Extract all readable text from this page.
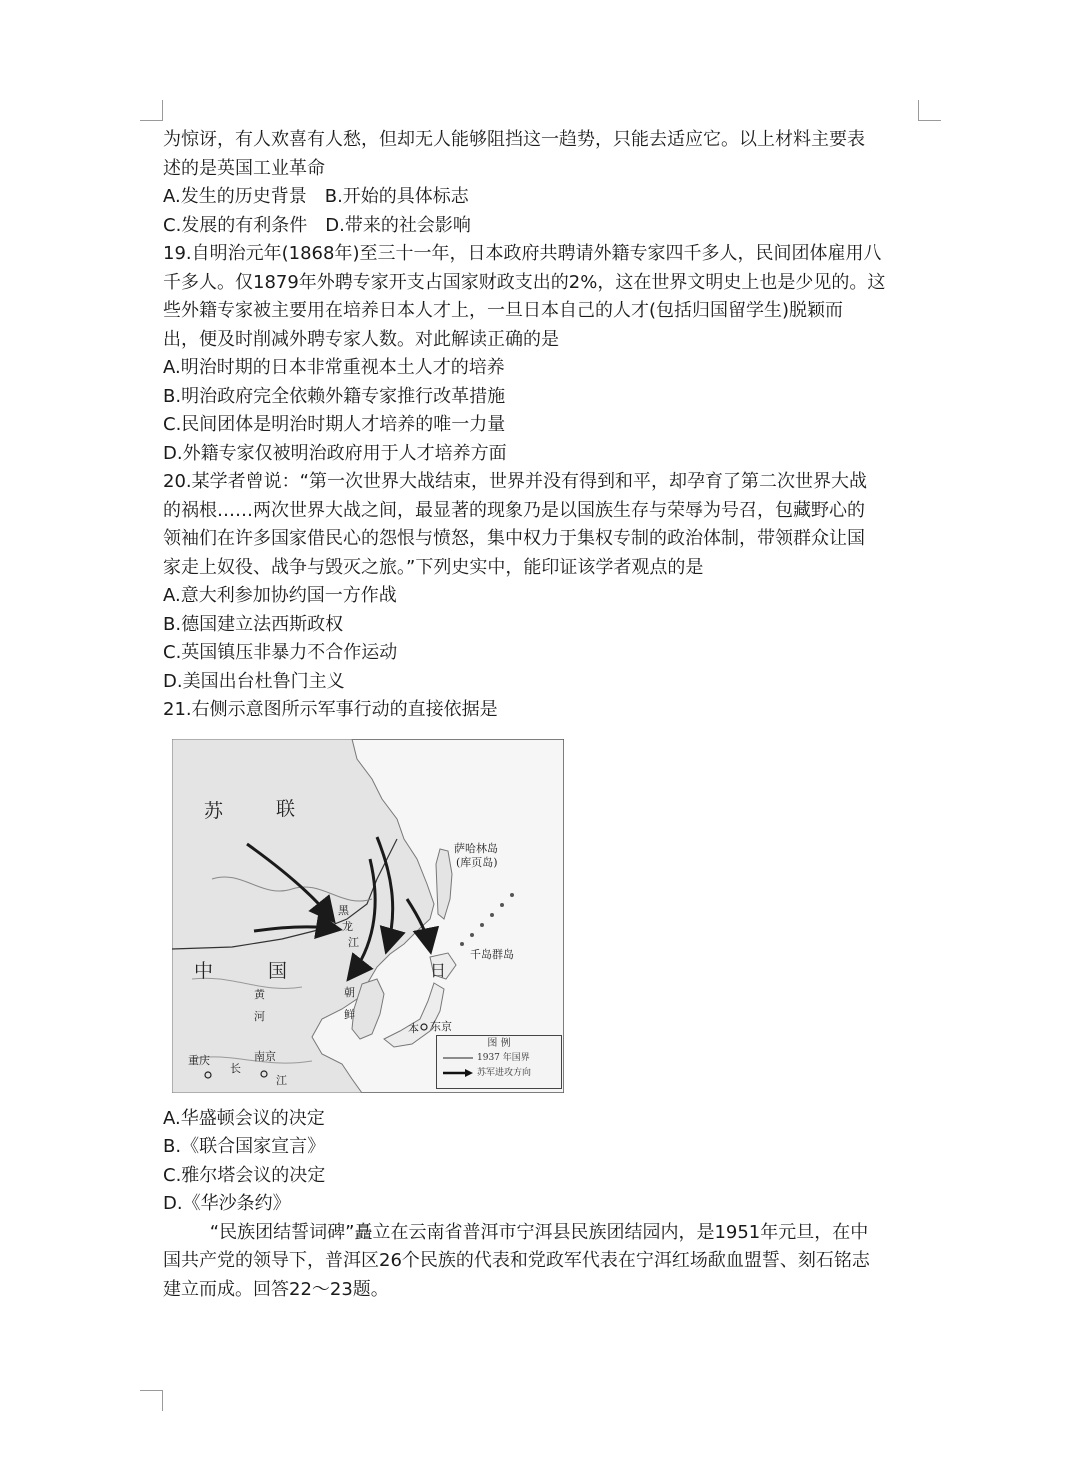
为惊讶，有人欢喜有人愁，但却无人能够阻挡这一趋势，只能去适应它。以上材料主要表

述的是英国工业革命

A.发生的历史背景 B.开始的具体标志

C.发展的有利条件 D.带来的社会影响

19.自明治元年(1868年)至三十一年，日本政府共聘请外籍专家四千多人，民间团体雇用八

千多人。仅1879年外聘专家开支占国家财政支出的2%，这在世界文明史上也是少见的。这

些外籍专家被主要用在培养日本人才上，一旦日本自己的人才(包括归国留学生)脱颖而

出，便及时削减外聘专家人数。对此解读正确的是

A.明治时期的日本非常重视本土人才的培养

B.明治政府完全依赖外籍专家推行改革措施

C.民间团体是明治时期人才培养的唯一力量

D.外籍专家仅被明治政府用于人才培养方面

20.某学者曾说：“第一次世界大战结束，世界并没有得到和平，却孕育了第二次世界大战

的祸根……两次世界大战之间，最显著的现象乃是以国族生存与荣辱为号召，包藏野心的

领袖们在许多国家借民心的怨恨与愤怒，集中权力于集权专制的政治体制，带领群众让国

家走上奴役、战争与毁灭之旅。”下列史实中，能印证该学者观点的是

A.意大利参加协约国一方作战

B.德国建立法西斯政权

C.英国镇压非暴力不合作运动

D.美国出台杜鲁门主义

21.右侧示意图所示军事行动的直接依据是

苏	联
中	国
黑
龙
江
黄
河
长
江
重庆	南京
东京
日
本
萨哈林岛
(库页岛)
千岛群岛
朝
鲜
图 例
1937 年国界
苏军进攻方向

A.华盛顿会议的决定

B.《联合国家宣言》

C.雅尔塔会议的决定

D.《华沙条约》

“民族团结誓词碑”矗立在云南省普洱市宁洱县民族团结园内，是1951年元旦，在中

国共产党的领导下，普洱区26个民族的代表和党政军代表在宁洱红场歃血盟誓、刻石铭志

建立而成。回答22～23题。
